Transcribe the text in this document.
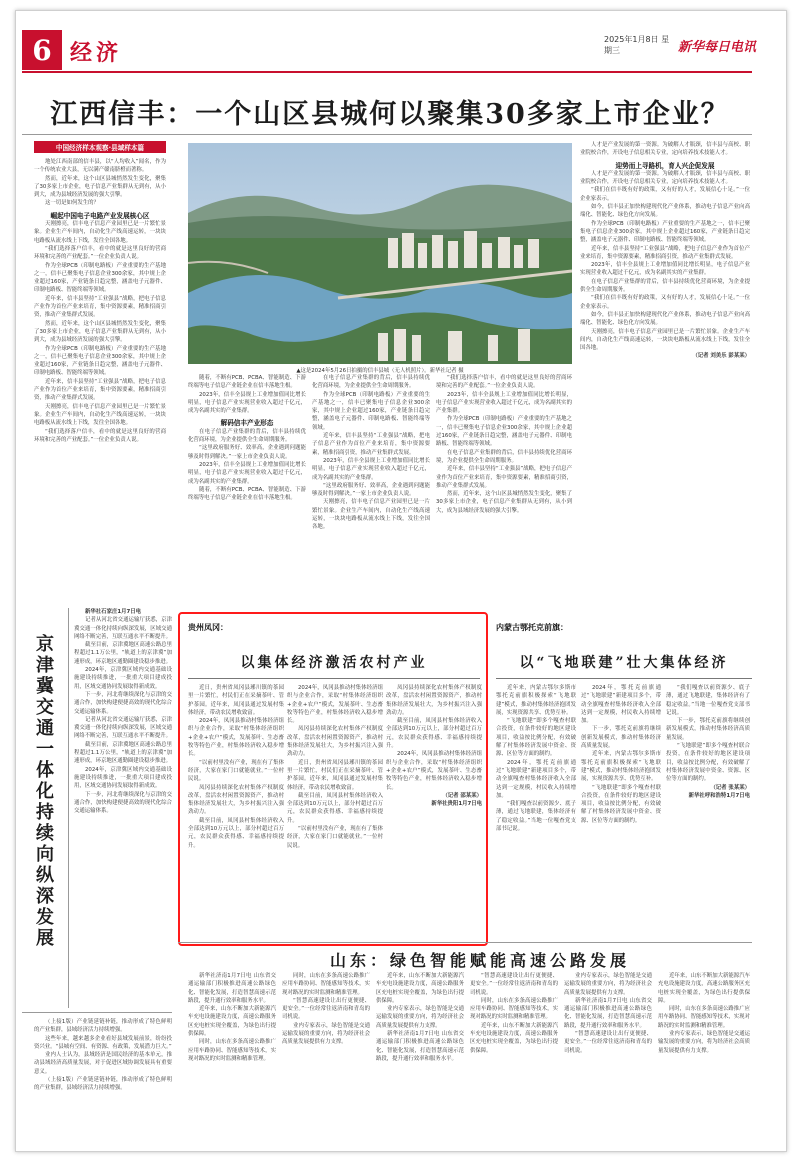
6 经济
2025年1月8日 星期三	新华每日电讯
江西信丰：一个山区县城何以聚集30多家上市企业？
中国经济样本观察·县域样本篇

地处江西南部的信丰县，以“人均收入”闻名，作为一个传统农业大县，无以满产赣南脐橙而著称。

然而，近年来，这个山区县城悄然发生变化，聚集了30多家上市企业，电子信息产业集群从无到有，从小到大，成为县域经济发展的强大引擎。

这一切是如何发生的？

崛起中国电子电路产业发展核心区

天刚擦亮，信丰电子信息产业园里已是一片繁忙景象。企业生产车间内，自动化生产线高速运转，一块块电路板从流水线上下线，发往全国各地。

“我们选择落户信丰，看中的就是这里良好的营商环境和完善的产业配套。”一位企业负责人说。

作为全球PCB（印制电路板）产业重要的生产基地之一，信丰已聚集电子信息企业300余家，其中规上企业超过160家，产业链条日趋完整，涵盖电子元器件、印制电路板、智能终端等领域。

近年来，信丰县坚持“工业强县”战略，把电子信息产业作为首位产业来培育，集中资源要素，精准招商引资，推动产业集群式发展。

然而，近年来，这个山区县城悄然发生变化，聚集了30多家上市企业，电子信息产业集群从无到有，从小到大，成为县域经济发展的强大引擎。

作为全球PCB（印制电路板）产业重要的生产基地之一，信丰已聚集电子信息企业300余家，其中规上企业超过160家，产业链条日趋完整，涵盖电子元器件、印制电路板、智能终端等领域。

近年来，信丰县坚持“工业强县”战略，把电子信息产业作为首位产业来培育，集中资源要素，精准招商引资，推动产业集群式发展。

天刚擦亮，信丰电子信息产业园里已是一片繁忙景象。企业生产车间内，自动化生产线高速运转，一块块电路板从流水线上下线，发往全国各地。

“我们选择落户信丰，看中的就是这里良好的营商环境和完善的产业配套。”一位企业负责人说。

▲这是2024年5月26日拍摄的信丰县城（无人机照片）。新华社记者 摄

随着，不断有PCB、PCBA、智能制造、下游终端等电子信息产业链企业在信丰落地生根。

2023年，信丰全县规上工业增加值同比增长明显，电子信息产业实现营业收入超过千亿元，成为名副其实的产业集群。

解码信丰产业形态

在电子信息产业集群的背后，信丰县持续优化营商环境，为企业提供全生命周期服务。

“这里政府服务好、效率高，企业遇到问题能够及时得到解决。”一家上市企业负责人说。

2023年，信丰全县规上工业增加值同比增长明显，电子信息产业实现营业收入超过千亿元，成为名副其实的产业集群。

随着，不断有PCB、PCBA、智能制造、下游终端等电子信息产业链企业在信丰落地生根。

在电子信息产业集群的背后，信丰县持续优化营商环境，为企业提供全生命周期服务。

作为全球PCB（印制电路板）产业重要的生产基地之一，信丰已聚集电子信息企业300余家，其中规上企业超过160家，产业链条日趋完整，涵盖电子元器件、印制电路板、智能终端等领域。

近年来，信丰县坚持“工业强县”战略，把电子信息产业作为首位产业来培育，集中资源要素，精准招商引资，推动产业集群式发展。

2023年，信丰全县规上工业增加值同比增长明显，电子信息产业实现营业收入超过千亿元，成为名副其实的产业集群。

“这里政府服务好、效率高，企业遇到问题能够及时得到解决。”一家上市企业负责人说。

天刚擦亮，信丰电子信息产业园里已是一片繁忙景象。企业生产车间内，自动化生产线高速运转，一块块电路板从流水线上下线，发往全国各地。

“我们选择落户信丰，看中的就是这里良好的营商环境和完善的产业配套。”一位企业负责人说。

2023年，信丰全县规上工业增加值同比增长明显，电子信息产业实现营业收入超过千亿元，成为名副其实的产业集群。

作为全球PCB（印制电路板）产业重要的生产基地之一，信丰已聚集电子信息企业300余家，其中规上企业超过160家，产业链条日趋完整，涵盖电子元器件、印制电路板、智能终端等领域。

在电子信息产业集群的背后，信丰县持续优化营商环境，为企业提供全生命周期服务。

近年来，信丰县坚持“工业强县”战略，把电子信息产业作为首位产业来培育，集中资源要素，精准招商引资，推动产业集群式发展。

然而，近年来，这个山区县城悄然发生变化，聚集了30多家上市企业，电子信息产业集群从无到有，从小到大，成为县域经济发展的强大引擎。

人才是产业发展的第一资源。为破解人才瓶颈，信丰县与高校、职业院校合作，开设电子信息相关专业，定向培养技术技能人才。

迎势而上寻路机，育人兴企促发展

人才是产业发展的第一资源。为破解人才瓶颈，信丰县与高校、职业院校合作，开设电子信息相关专业，定向培养技术技能人才。

“我们在信丰既有好的政策，又有好的人才，发展信心十足。”一位企业家表示。

如今，信丰县正加快构建现代化产业体系，推动电子信息产业向高端化、智能化、绿色化方向发展。

作为全球PCB（印制电路板）产业重要的生产基地之一，信丰已聚集电子信息企业300余家，其中规上企业超过160家，产业链条日趋完整，涵盖电子元器件、印制电路板、智能终端等领域。

近年来，信丰县坚持“工业强县”战略，把电子信息产业作为首位产业来培育，集中资源要素，精准招商引资，推动产业集群式发展。

2023年，信丰全县规上工业增加值同比增长明显，电子信息产业实现营业收入超过千亿元，成为名副其实的产业集群。

在电子信息产业集群的背后，信丰县持续优化营商环境，为企业提供全生命周期服务。

“我们在信丰既有好的政策，又有好的人才，发展信心十足。”一位企业家表示。

如今，信丰县正加快构建现代化产业体系，推动电子信息产业向高端化、智能化、绿色化方向发展。

天刚擦亮，信丰电子信息产业园里已是一片繁忙景象。企业生产车间内，自动化生产线高速运转，一块块电路板从流水线上下线，发往全国各地。

（记者 刘美乐 彭某某）

京津冀交通一体化持续向纵深发展

新华社石家庄1月7日电

记者从河北省交通运输厅获悉，京津冀交通一体化持续向纵深发展，区域交通网络不断完善，互联互通水平不断提升。

截至目前，京津冀地区高速公路总里程超过1.1万公里，“轨道上的京津冀”加速形成，环京地区通勤圈建设稳步推进。

2024年，京津冀区域内交通基础设施建设持续推进，一批重大项目建成投用，区域交通协同发展取得新成效。

下一步，河北将继续深化与京津的交通合作，加快构建便捷高效的现代化综合交通运输体系。

记者从河北省交通运输厅获悉，京津冀交通一体化持续向纵深发展，区域交通网络不断完善，互联互通水平不断提升。

截至目前，京津冀地区高速公路总里程超过1.1万公里，“轨道上的京津冀”加速形成，环京地区通勤圈建设稳步推进。

2024年，京津冀区域内交通基础设施建设持续推进，一批重大项目建成投用，区域交通协同发展取得新成效。

下一步，河北将继续深化与京津的交通合作，加快构建便捷高效的现代化综合交通运输体系。

（上接1版）产业链延链补链，推动形成了特色鲜明的产业集群，县域经济活力持续增强。

这些年来，越来越多企业看好县域发展前景，纷纷投资兴业。“县城有空间、有资源、有政策，发展潜力巨大。”

业内人士认为，县域经济是国民经济的基本单元，推动县域经济高质量发展，对于促进区域协调发展具有重要意义。

（上接1版）产业链延链补链，推动形成了特色鲜明的产业集群，县域经济活力持续增强。

贵州凤冈：
以集体经济激活农村产业

近日，贵州省凤冈县琊川镇的茶园里一片繁忙，村民们正在采摘茶叶、管护茶园。近年来，凤冈县通过发展村集体经济，带动农民增收致富。

2024年，凤冈县推动村集体经济组织与企业合作，采取“村集体经济组织+企业+农户”模式，发展茶叶、生态畜牧等特色产业，村集体经济收入稳步增长。

“以前村里没有产业，现在有了集体经济，大家在家门口就能就业。”一位村民说。

凤冈县持续深化农村集体产权制度改革，盘活农村闲置资源资产，推动村集体经济发展壮大，为乡村振兴注入强劲动力。

截至目前，凤冈县村集体经济收入全部达到10万元以上，部分村超过百万元，农民群众获得感、幸福感持续提升。

2024年，凤冈县推动村集体经济组织与企业合作，采取“村集体经济组织+企业+农户”模式，发展茶叶、生态畜牧等特色产业，村集体经济收入稳步增长。

凤冈县持续深化农村集体产权制度改革，盘活农村闲置资源资产，推动村集体经济发展壮大，为乡村振兴注入强劲动力。

近日，贵州省凤冈县琊川镇的茶园里一片繁忙，村民们正在采摘茶叶、管护茶园。近年来，凤冈县通过发展村集体经济，带动农民增收致富。

截至目前，凤冈县村集体经济收入全部达到10万元以上，部分村超过百万元，农民群众获得感、幸福感持续提升。

“以前村里没有产业，现在有了集体经济，大家在家门口就能就业。”一位村民说。

凤冈县持续深化农村集体产权制度改革，盘活农村闲置资源资产，推动村集体经济发展壮大，为乡村振兴注入强劲动力。

截至目前，凤冈县村集体经济收入全部达到10万元以上，部分村超过百万元，农民群众获得感、幸福感持续提升。

2024年，凤冈县推动村集体经济组织与企业合作，采取“村集体经济组织+企业+农户”模式，发展茶叶、生态畜牧等特色产业，村集体经济收入稳步增长。

（记者 邵某某）

新华社贵阳1月7日电

内蒙古鄂托克前旗：
以“飞地联建”壮大集体经济

近年来，内蒙古鄂尔多斯市鄂托克前旗积极探索“飞地联建”模式，推动村集体经济抱团发展，实现资源共享、优势互补。

“飞地联建”即多个嘎查村联合投资，在条件较好的地区建设项目，收益按比例分配，有效破解了村集体经济发展中资金、资源、区位等方面的制约。

2024年，鄂托克前旗通过“飞地联建”新建项目多个，带动全旗嘎查村集体经济收入全部达到一定规模，村民收入持续增加。

“我们嘎查以前资源少、底子薄，通过飞地联建，集体经济有了稳定收益。”当地一位嘎查党支部书记说。

2024年，鄂托克前旗通过“飞地联建”新建项目多个，带动全旗嘎查村集体经济收入全部达到一定规模，村民收入持续增加。

下一步，鄂托克前旗将继续创新发展模式，推动村集体经济高质量发展。

近年来，内蒙古鄂尔多斯市鄂托克前旗积极探索“飞地联建”模式，推动村集体经济抱团发展，实现资源共享、优势互补。

“飞地联建”即多个嘎查村联合投资，在条件较好的地区建设项目，收益按比例分配，有效破解了村集体经济发展中资金、资源、区位等方面的制约。

“我们嘎查以前资源少、底子薄，通过飞地联建，集体经济有了稳定收益。”当地一位嘎查党支部书记说。

下一步，鄂托克前旗将继续创新发展模式，推动村集体经济高质量发展。

“飞地联建”即多个嘎查村联合投资，在条件较好的地区建设项目，收益按比例分配，有效破解了村集体经济发展中资金、资源、区位等方面的制约。

（记者 张某某）

新华社呼和浩特1月7日电

山东：绿色智能赋能高速公路发展

新华社济南1月7日电 山东省交通运输部门积极推进高速公路绿色化、智能化发展，打造智慧高速示范路段，提升通行效率和服务水平。

近年来，山东不断加大新能源汽车充电设施建设力度，高速公路服务区充电桩实现全覆盖，为绿色出行提供保障。

同时，山东在多条高速公路推广应用车路协同、智能感知等技术，实现对路况的实时监测和精准管理。

同时，山东在多条高速公路推广应用车路协同、智能感知等技术，实现对路况的实时监测和精准管理。

“智慧高速建设让出行更便捷、更安全。”一位经常往返济南和青岛的司机说。

业内专家表示，绿色智能是交通运输发展的重要方向，将为经济社会高质量发展提供有力支撑。

近年来，山东不断加大新能源汽车充电设施建设力度，高速公路服务区充电桩实现全覆盖，为绿色出行提供保障。

业内专家表示，绿色智能是交通运输发展的重要方向，将为经济社会高质量发展提供有力支撑。

新华社济南1月7日电 山东省交通运输部门积极推进高速公路绿色化、智能化发展，打造智慧高速示范路段，提升通行效率和服务水平。

“智慧高速建设让出行更便捷、更安全。”一位经常往返济南和青岛的司机说。

同时，山东在多条高速公路推广应用车路协同、智能感知等技术，实现对路况的实时监测和精准管理。

近年来，山东不断加大新能源汽车充电设施建设力度，高速公路服务区充电桩实现全覆盖，为绿色出行提供保障。

业内专家表示，绿色智能是交通运输发展的重要方向，将为经济社会高质量发展提供有力支撑。

新华社济南1月7日电 山东省交通运输部门积极推进高速公路绿色化、智能化发展，打造智慧高速示范路段，提升通行效率和服务水平。

“智慧高速建设让出行更便捷、更安全。”一位经常往返济南和青岛的司机说。

近年来，山东不断加大新能源汽车充电设施建设力度，高速公路服务区充电桩实现全覆盖，为绿色出行提供保障。

同时，山东在多条高速公路推广应用车路协同、智能感知等技术，实现对路况的实时监测和精准管理。

业内专家表示，绿色智能是交通运输发展的重要方向，将为经济社会高质量发展提供有力支撑。
